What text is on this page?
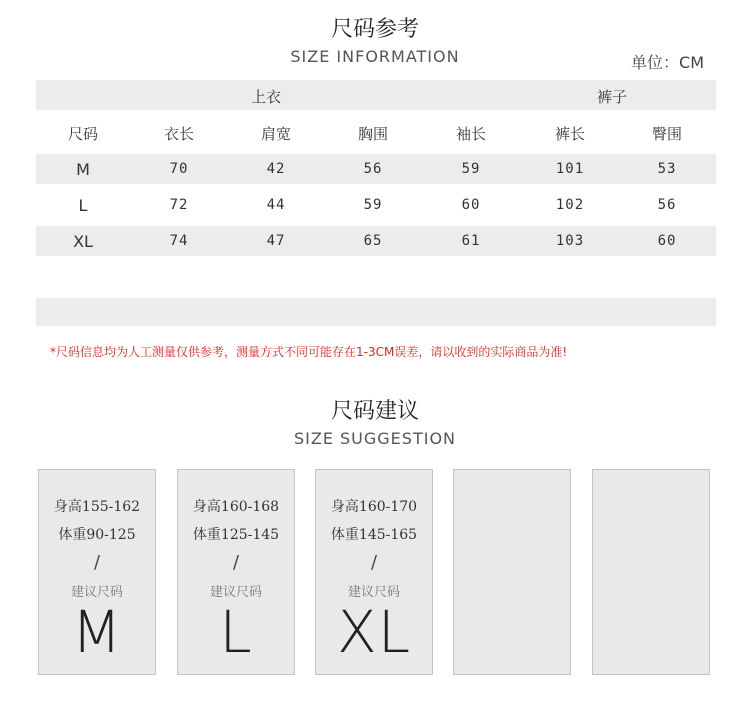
尺码参考
SIZE INFORMATION	单位：CM
上衣	裤子
尺码	衣长	肩宽	胸围	袖长	裤长	臀围
M	70	42	56	59	101	53
L	72	44	59	60	102	56
XL	74	47	65	61	103	60
*尺码信息均为人工测量仅供参考，测量方式不同可能存在1-3CM误差，请以收到的实际商品为准!
尺码建议
SIZE SUGGESTION
身高155-162
体重90-125
/
建议尺码
M
身高160-168
体重125-145
/
建议尺码
L
身高160-170
体重145-165
/
建议尺码
XL
